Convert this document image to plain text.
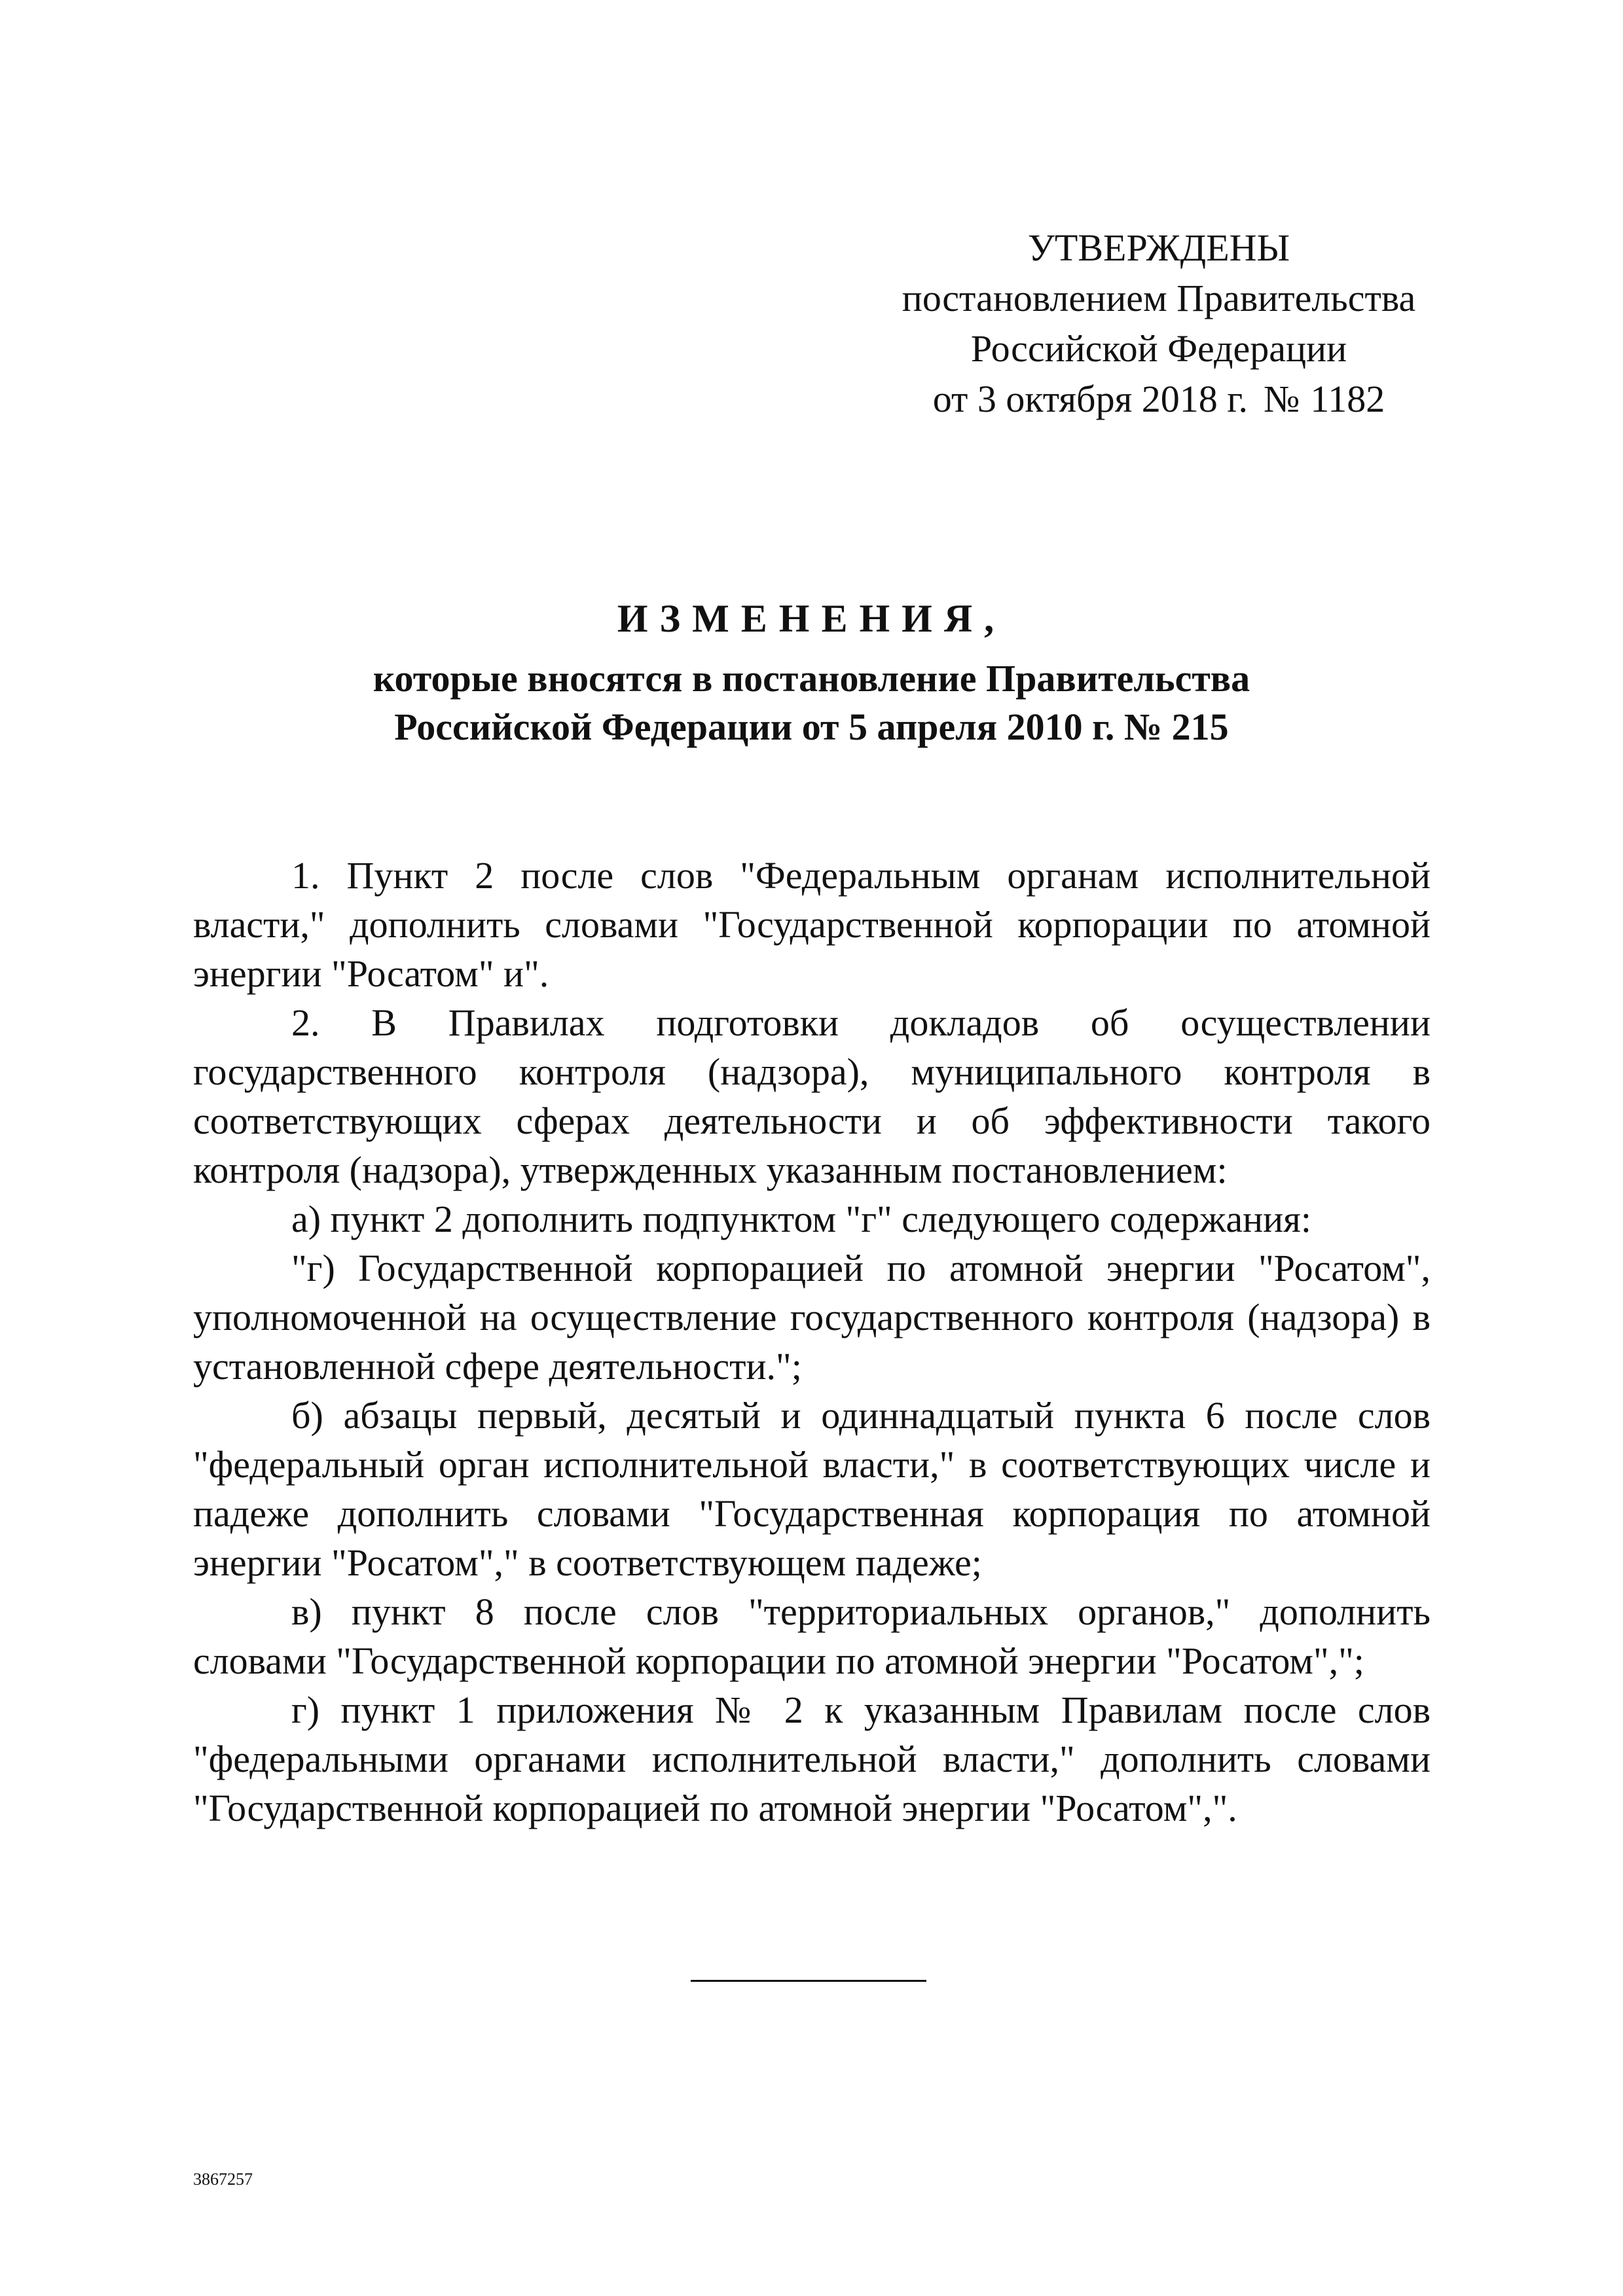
УТВЕРЖДЕНЫ
постановлением Правительства
Российской Федерации
от 3 октября 2018 г. № 1182
ИЗМЕНЕНИЯ,
которые вносятся в постановление Правительства
Российской Федерации от 5 апреля 2010 г. № 215

1. Пункт 2 после слов "Федеральным органам исполнительной власти," дополнить словами "Государственной корпорации по атомной энергии "Росатом" и".

2. В Правилах подготовки докладов об осуществлении государственного контроля (надзора), муниципального контроля в соответствующих сферах деятельности и об эффективности такого контроля (надзора), утвержденных указанным постановлением:

а) пункт 2 дополнить подпунктом "г" следующего содержания:

"г) Государственной корпорацией по атомной энергии "Росатом", уполномоченной на осуществление государственного контроля (надзора) в установленной сфере деятельности.";

б) абзацы первый, десятый и одиннадцатый пункта 6 после слов "федеральный орган исполнительной власти," в соответствующих числе и падеже дополнить словами "Государственная корпорация по атомной энергии "Росатом"," в соответствующем падеже;

в) пункт 8 после слов "территориальных органов," дополнить словами "Государственной корпорации по атомной энергии "Росатом",";

г) пункт 1 приложения № 2 к указанным Правилам после слов "федеральными органами исполнительной власти," дополнить словами "Государственной корпорацией по атомной энергии "Росатом",".

3867257
